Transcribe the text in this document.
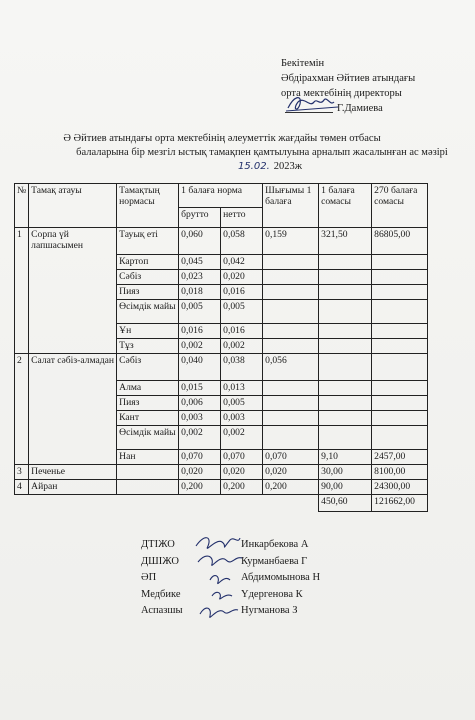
Бекітемін
Әбдірахман Әйтиев атындағы
орта мектебінің директоры
Г.Дамиева
Ә Әйтиев атындағы орта мектебінің әлеуметтік жағдайы төмен отбасы
балаларына бір мезгіл ыстық тамақпен қамтылуына арналып жасалынған ас мәзірі
15.02. 2023ж
№	Тамақ атауы	Тамақтың нормасы	1 балаға норма		Шығымы 1 балаға	1 балаға сомасы	270 балаға сомасы
			брутто	нетто			
1	Сорпа үй лапшасымен	Тауық еті	0,060	0,058	0,159	321,50	86805,00
		Картоп	0,045	0,042			
		Сәбіз	0,023	0,020			
		Пияз	0,018	0,016			
		Өсімдік майы	0,005	0,005			
		Ұн	0,016	0,016			
		Тұз	0,002	0,002			
2	Салат сәбіз-алмадан	Сәбіз	0,040	0,038	0,056		
		Алма	0,015	0,013			
		Пияз	0,006	0,005			
		Кант	0,003	0,003			
		Өсімдік майы	0,002	0,002			
		Нан	0,070	0,070	0,070	9,10	2457,00
3	Печенье		0,020	0,020	0,020	30,00	8100,00
4	Айран		0,200	0,200	0,200	90,00	24300,00
						450,60	121662,00
ДТІЖО	Инкарбекова А
ДШІЖО	Курманбаева Г
ӘП	Абдимомынова Н
Медбике	Үдергенова К
Аспазшы	Нугманова З
